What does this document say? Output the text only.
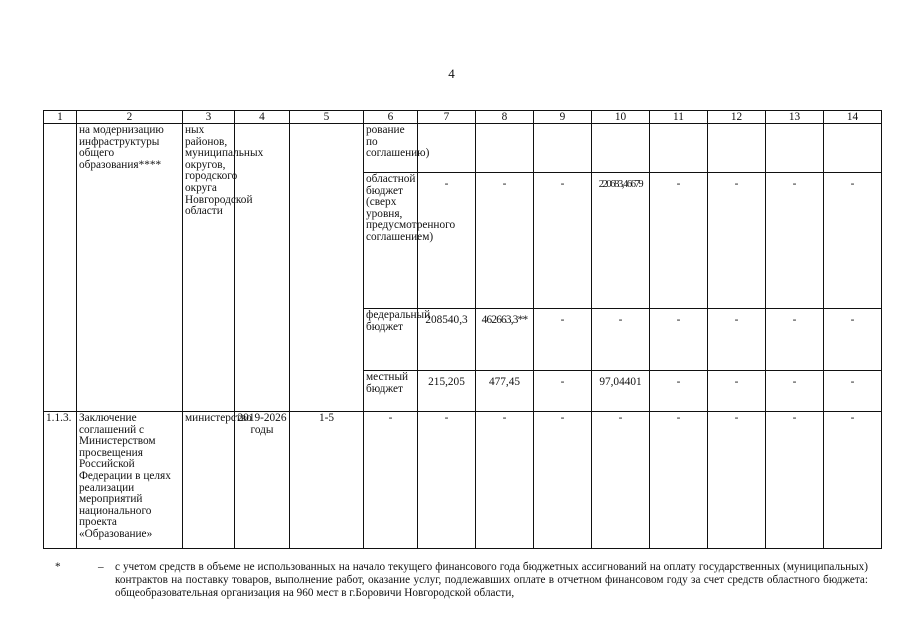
4
1	2	3	4	5	6	7	8	9	10	11	12	13	14
	на модернизацию инфраструктуры общего образования****	ных районов, муниципальных округов, городского округа Новгородской области			рование по соглашению)								
					областной бюджет (сверх уровня, предусмотренного соглашением)	-	-	-	220683,46679	-	-	-	-
					федеральный бюджет	208540,3	462663,3**	-	-	-	-	-	-
					местный бюджет	215,205	477,45	-	97,04401	-	-	-	-
1.1.3.	Заключение соглашений с Министерством просвещения Российской Федерации в целях реализации мероприятий национального проекта «Образование»	министерство	2019-2026 годы	1-5	-	-	-	-	-	-	-	-	-
*	– с учетом средств в объеме не использованных на начало текущего финансового года бюджетных ассигнований на оплату государственных (муниципальных) контрактов на поставку товаров, выполнение работ, оказание услуг, подлежавших оплате в отчетном финансовом году за счет средств областного бюджета: общеобразовательная организация на 960 мест в г.Боровичи Новгородской области,
